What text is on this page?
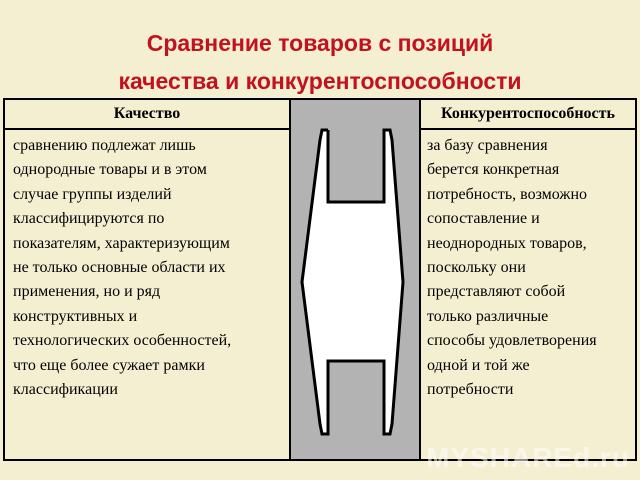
Сравнение товаров с позиций
качества и конкурентоспособности
Качество
сравнению подлежат лишь
однородные товары и в этом
случае группы изделий
классифицируются по
показателям, характеризующим
не только основные области их
применения, но и ряд
конструктивных и
технологических особенностей,
что еще более сужает рамки
классификации
Конкурентоспособность
за базу сравнения
берется конкретная
потребность, возможно
сопоставление и
неоднородных товаров,
поскольку они
представляют собой
только различные
способы удовлетворения
одной и той же
потребности
MYSHAREd.ru
